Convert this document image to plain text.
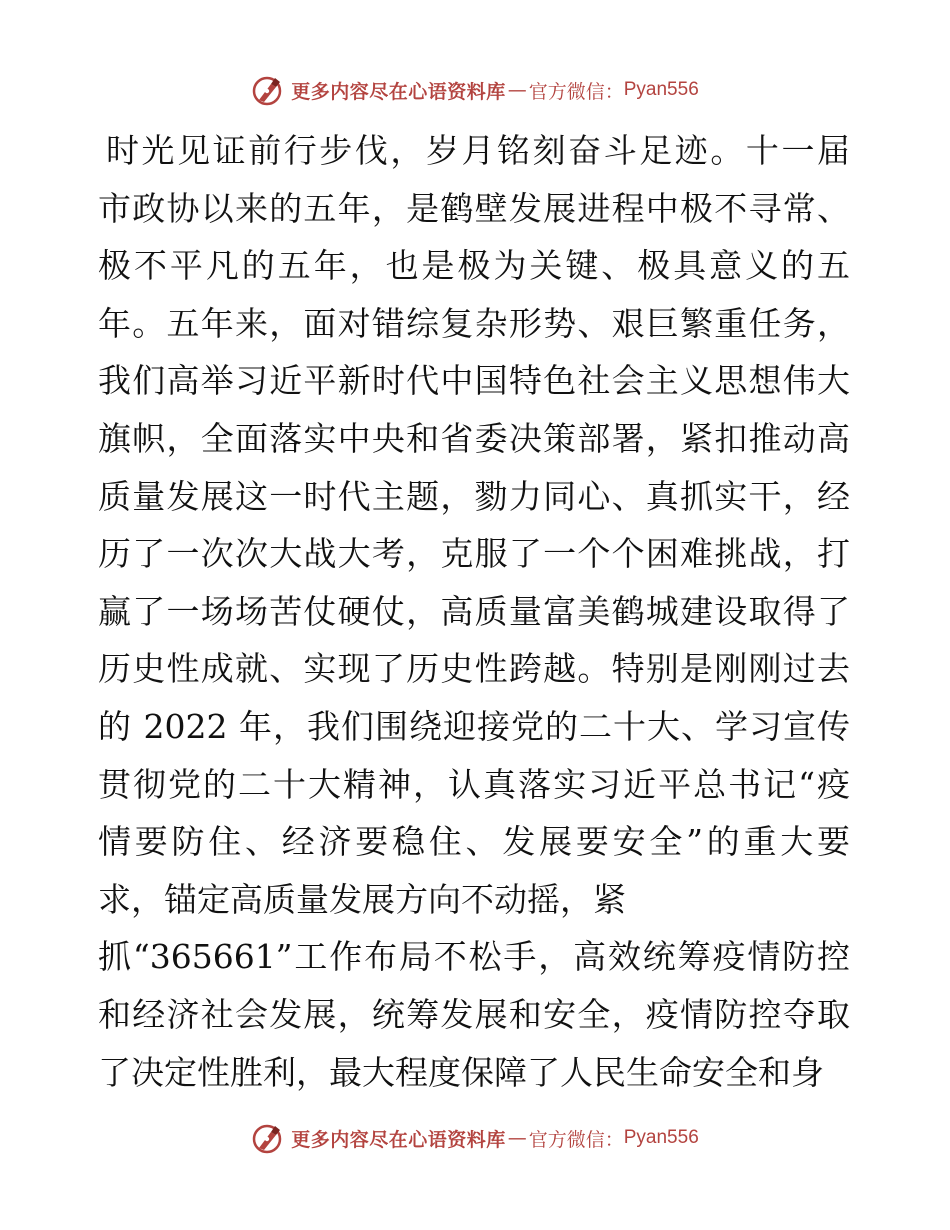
更多内容尽在心语资料库 — 官方微信： Pyan556
时光见证前行步伐，岁月铭刻奋斗足迹。十一届
市政协以来的五年，是鹤壁发展进程中极不寻常、
极不平凡的五年，也是极为关键、极具意义的五
年。五年来，面对错综复杂形势、艰巨繁重任务，
我们高举习近平新时代中国特色社会主义思想伟大
旗帜，全面落实中央和省委决策部署，紧扣推动高
质量发展这一时代主题，勠力同心、真抓实干，经
历了一次次大战大考，克服了一个个困难挑战，打
赢了一场场苦仗硬仗，高质量富美鹤城建设取得了
历史性成就、实现了历史性跨越。特别是刚刚过去
的 2022 年，我们围绕迎接党的二十大、学习宣传
贯彻党的二十大精神，认真落实习近平总书记“疫
情要防住、经济要稳住、发展要安全”的重大要
求，锚定高质量发展方向不动摇，紧
抓“365661”工作布局不松手，高效统筹疫情防控
和经济社会发展，统筹发展和安全，疫情防控夺取
了决定性胜利，最大程度保障了人民生命安全和身
更多内容尽在心语资料库 — 官方微信： Pyan556
